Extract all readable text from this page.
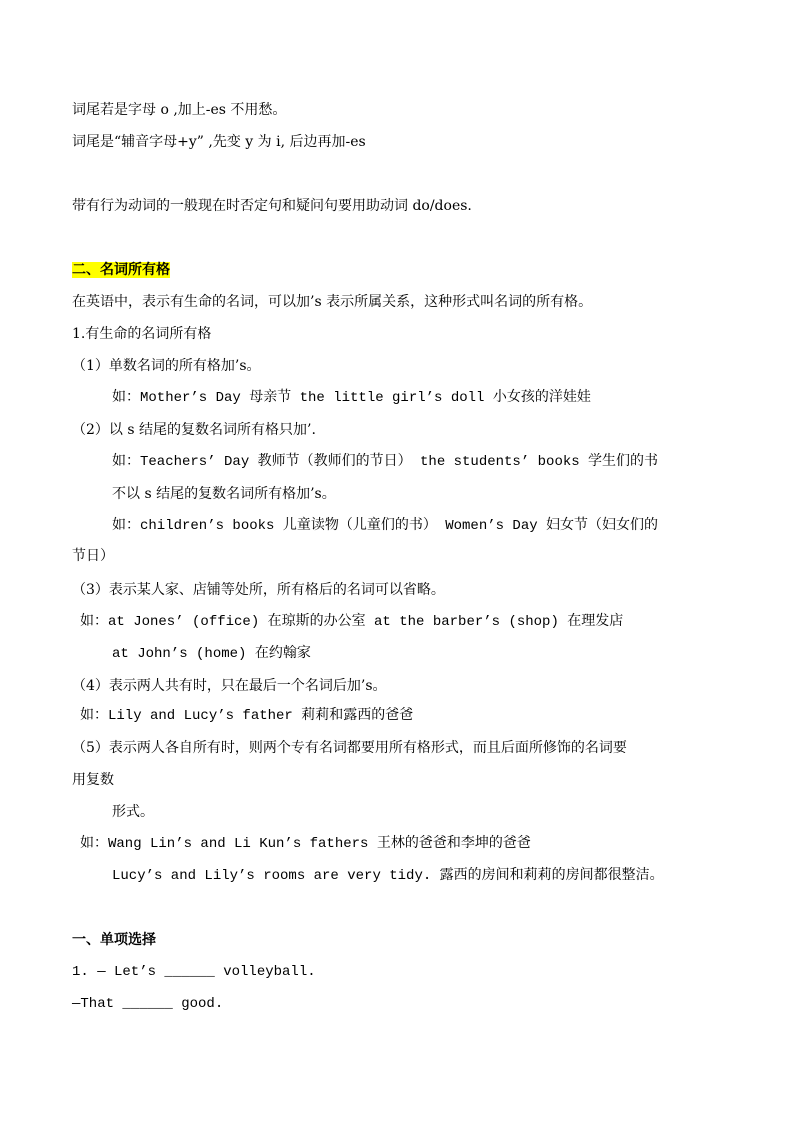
词尾若是字母 o ,加上-es 不用愁。
词尾是“辅音字母+y” ,先变 y 为 i, 后边再加-es
带有行为动词的一般现在时否定句和疑问句要用助动词 do/does.
二、名词所有格
在英语中，表示有生命的名词，可以加’s 表示所属关系，这种形式叫名词的所有格。
1.有生命的名词所有格
（1）单数名词的所有格加’s。
如：Mother’s Day 母亲节 the little girl’s doll 小女孩的洋娃娃
（2）以 s 结尾的复数名词所有格只加’.
如：Teachers’ Day 教师节（教师们的节日） the students’ books 学生们的书
不以 s 结尾的复数名词所有格加’s。
如：children’s books 儿童读物（儿童们的书） Women’s Day 妇女节（妇女们的
节日）
（3）表示某人家、店铺等处所，所有格后的名词可以省略。
如：at Jones’ (office) 在琼斯的办公室 at the barber’s (shop) 在理发店
at John’s (home) 在约翰家
（4）表示两人共有时，只在最后一个名词后加’s。
如：Lily and Lucy’s father 莉莉和露西的爸爸
（5）表示两人各自所有时，则两个专有名词都要用所有格形式，而且后面所修饰的名词要
用复数
形式。
如：Wang Lin’s and Li Kun’s fathers 王林的爸爸和李坤的爸爸
Lucy’s and Lily’s rooms are very tidy. 露西的房间和莉莉的房间都很整洁。
一、单项选择
1. — Let’s ______ volleyball.
—That ______ good.
